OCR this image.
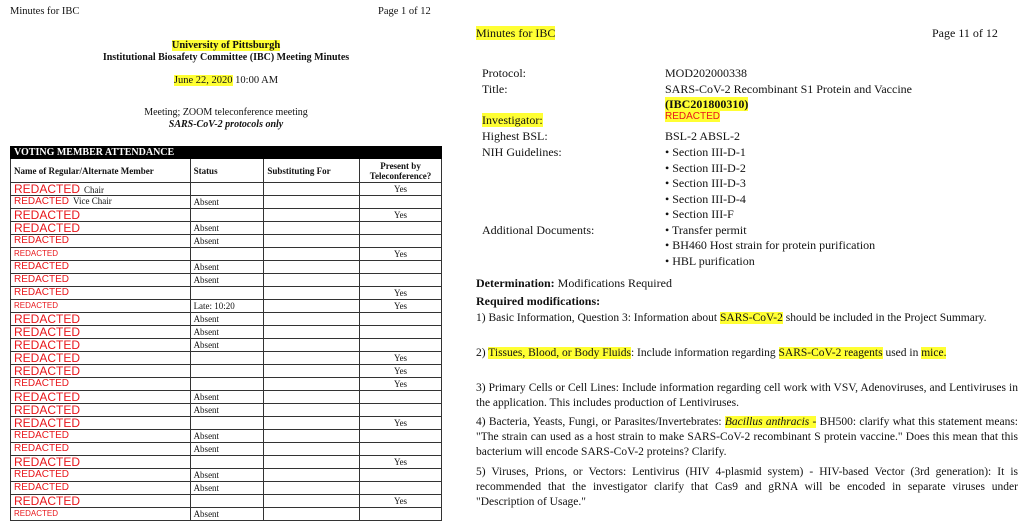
Minutes for IBC	Page 1 of 12
University of Pittsburgh
Institutional Biosafety Committee (IBC) Meeting Minutes
June 22, 2020 10:00 AM
Meeting; ZOOM teleconference meeting
SARS-CoV-2 protocols only
VOTING MEMBER ATTENDANCE			
Name of Regular/Alternate Member	Status	Substituting For	Present by Teleconference?
REDACTED Chair			Yes
REDACTED Vice Chair	Absent		
REDACTED			Yes
REDACTED	Absent		
REDACTED	Absent		
REDACTED			Yes
REDACTED	Absent		
REDACTED	Absent		
REDACTED			Yes
REDACTED	Late: 10:20		Yes
REDACTED	Absent		
REDACTED	Absent		
REDACTED	Absent		
REDACTED			Yes
REDACTED			Yes
REDACTED			Yes
REDACTED	Absent		
REDACTED	Absent		
REDACTED			Yes
REDACTED	Absent		
REDACTED	Absent		
REDACTED			Yes
REDACTED	Absent		
REDACTED	Absent		
REDACTED			Yes
REDACTED	Absent		
Minutes for IBC	Page 11 of 12
Protocol:	MOD202000338
Title:	SARS-CoV-2 Recombinant S1 Protein and Vaccine
(IBC201800310)
Investigator:	REDACTED
Highest BSL:	BSL-2 ABSL-2
NIH Guidelines:	• Section III-D-1
• Section III-D-2
• Section III-D-3
• Section III-D-4
• Section III-F
Additional Documents:	• Transfer permit
• BH460 Host strain for protein purification
• HBL purification
Determination: Modifications Required
Required modifications:
1) Basic Information, Question 3: Information about SARS-CoV-2 should be included in the Project Summary.
2) Tissues, Blood, or Body Fluids: Include information regarding SARS-CoV-2 reagents used in mice.
3) Primary Cells or Cell Lines: Include information regarding cell work with VSV, Adenoviruses, and Lentiviruses in the application. This includes production of Lentiviruses.
4) Bacteria, Yeasts, Fungi, or Parasites/Invertebrates: Bacillus anthracis - BH500: clarify what this statement means: "The strain can used as a host strain to make SARS-CoV-2 recombinant S protein vaccine." Does this mean that this bacterium will encode SARS-CoV-2 proteins? Clarify.
5) Viruses, Prions, or Vectors: Lentivirus (HIV 4-plasmid system) - HIV-based Vector (3rd generation): It is recommended that the investigator clarify that Cas9 and gRNA will be encoded in separate viruses under "Description of Usage."
